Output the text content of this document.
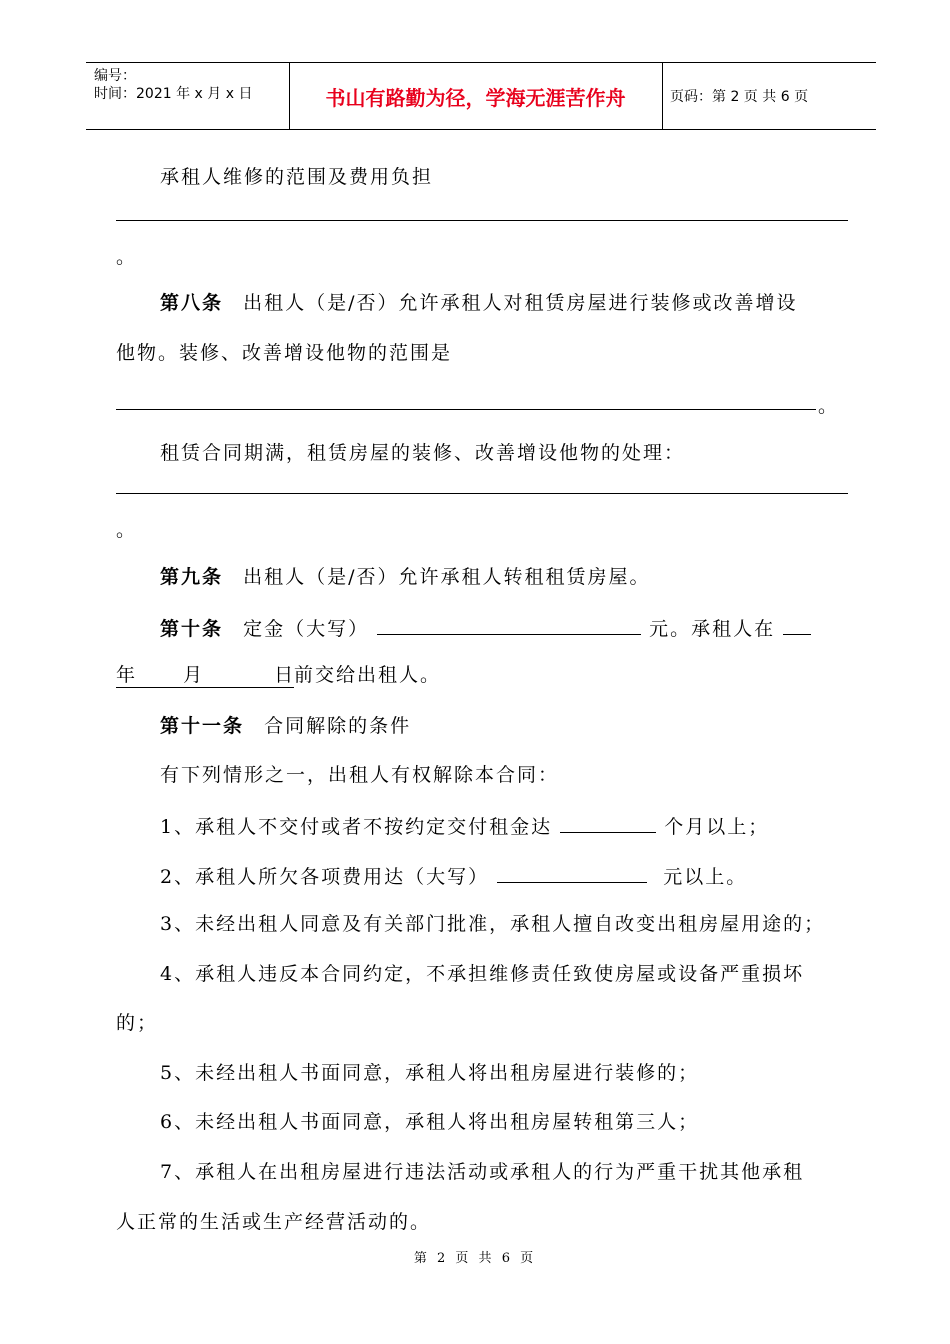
编号：
时间：2021 年 x 月 x 日	书山有路勤为径，学海无涯苦作舟	页码：第 2 页 共 6 页
承租人维修的范围及费用负担
。
第八条 出租人（是/否）允许承租人对租赁房屋进行装修或改善增设
他物。装修、改善增设他物的范围是
。
租赁合同期满，租赁房屋的装修、改善增设他物的处理：
。
第九条 出租人（是/否）允许承租人转租租赁房屋。
第十条 定金（大写）	元。承租人在
年 月	日前交给出租人。
第十一条 合同解除的条件
有下列情形之一，出租人有权解除本合同：
1、承租人不交付或者不按约定交付租金达	个月以上；
2、承租人所欠各项费用达（大写）	元以上。
3、未经出租人同意及有关部门批准，承租人擅自改变出租房屋用途的；
4、承租人违反本合同约定，不承担维修责任致使房屋或设备严重损坏
的；
5、未经出租人书面同意，承租人将出租房屋进行装修的；
6、未经出租人书面同意，承租人将出租房屋转租第三人；
7、承租人在出租房屋进行违法活动或承租人的行为严重干扰其他承租
人正常的生活或生产经营活动的。
第 2 页 共 6 页
